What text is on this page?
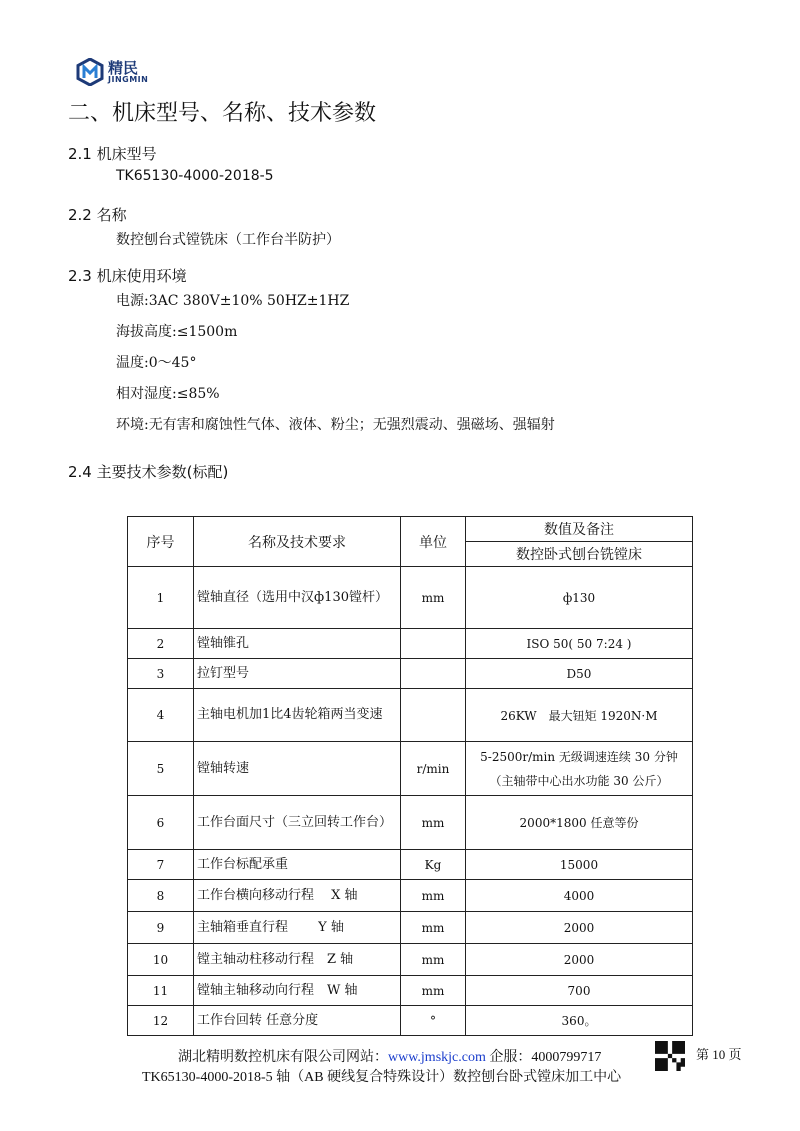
精民
JINGMIN
二、机床型号、名称、技术参数
2.1 机床型号
TK65130-4000-2018-5
2.2 名称
数控刨台式镗铣床（工作台半防护）
2.3 机床使用环境
电源:3AC 380V±10% 50HZ±1HZ
海拔高度:≤1500m
温度:0～45°
相对湿度:≤85%
环境:无有害和腐蚀性气体、液体、粉尘；无强烈震动、强磁场、强辐射
2.4 主要技术参数(标配)
序号	名称及技术要求	单位	数值及备注
			数控卧式刨台铣镗床
1	镗轴直径（选用中汉ф130镗杆）	mm	ф130
2	镗轴锥孔		ISO 50( 50 7:24 )
3	拉钉型号		D50
4	主轴电机加1比4齿轮箱两当变速		26KW　最大钮矩 1920N·M
5	镗轴转速	r/min	5-2500r/min 无级调速连续 30 分钟（主轴带中心出水功能 30 公斤）
6	工作台面尺寸（三立回转工作台）	mm	2000*1800 任意等份
7	工作台标配承重	Kg	15000
8	工作台横向移动行程　 X 轴	mm	4000
9	主轴箱垂直行程　　 Y 轴	mm	2000
10	镗主轴动柱移动行程　Z 轴	mm	2000
11	镗轴主轴移动向行程　W 轴	mm	700
12	工作台回转 任意分度	°	360。
湖北精明数控机床有限公司网站：www.jmskjc.com 企服：4000799717	第 10 页
TK65130-4000-2018-5 轴（AB 硬线复合特殊设计）数控刨台卧式镗床加工中心
